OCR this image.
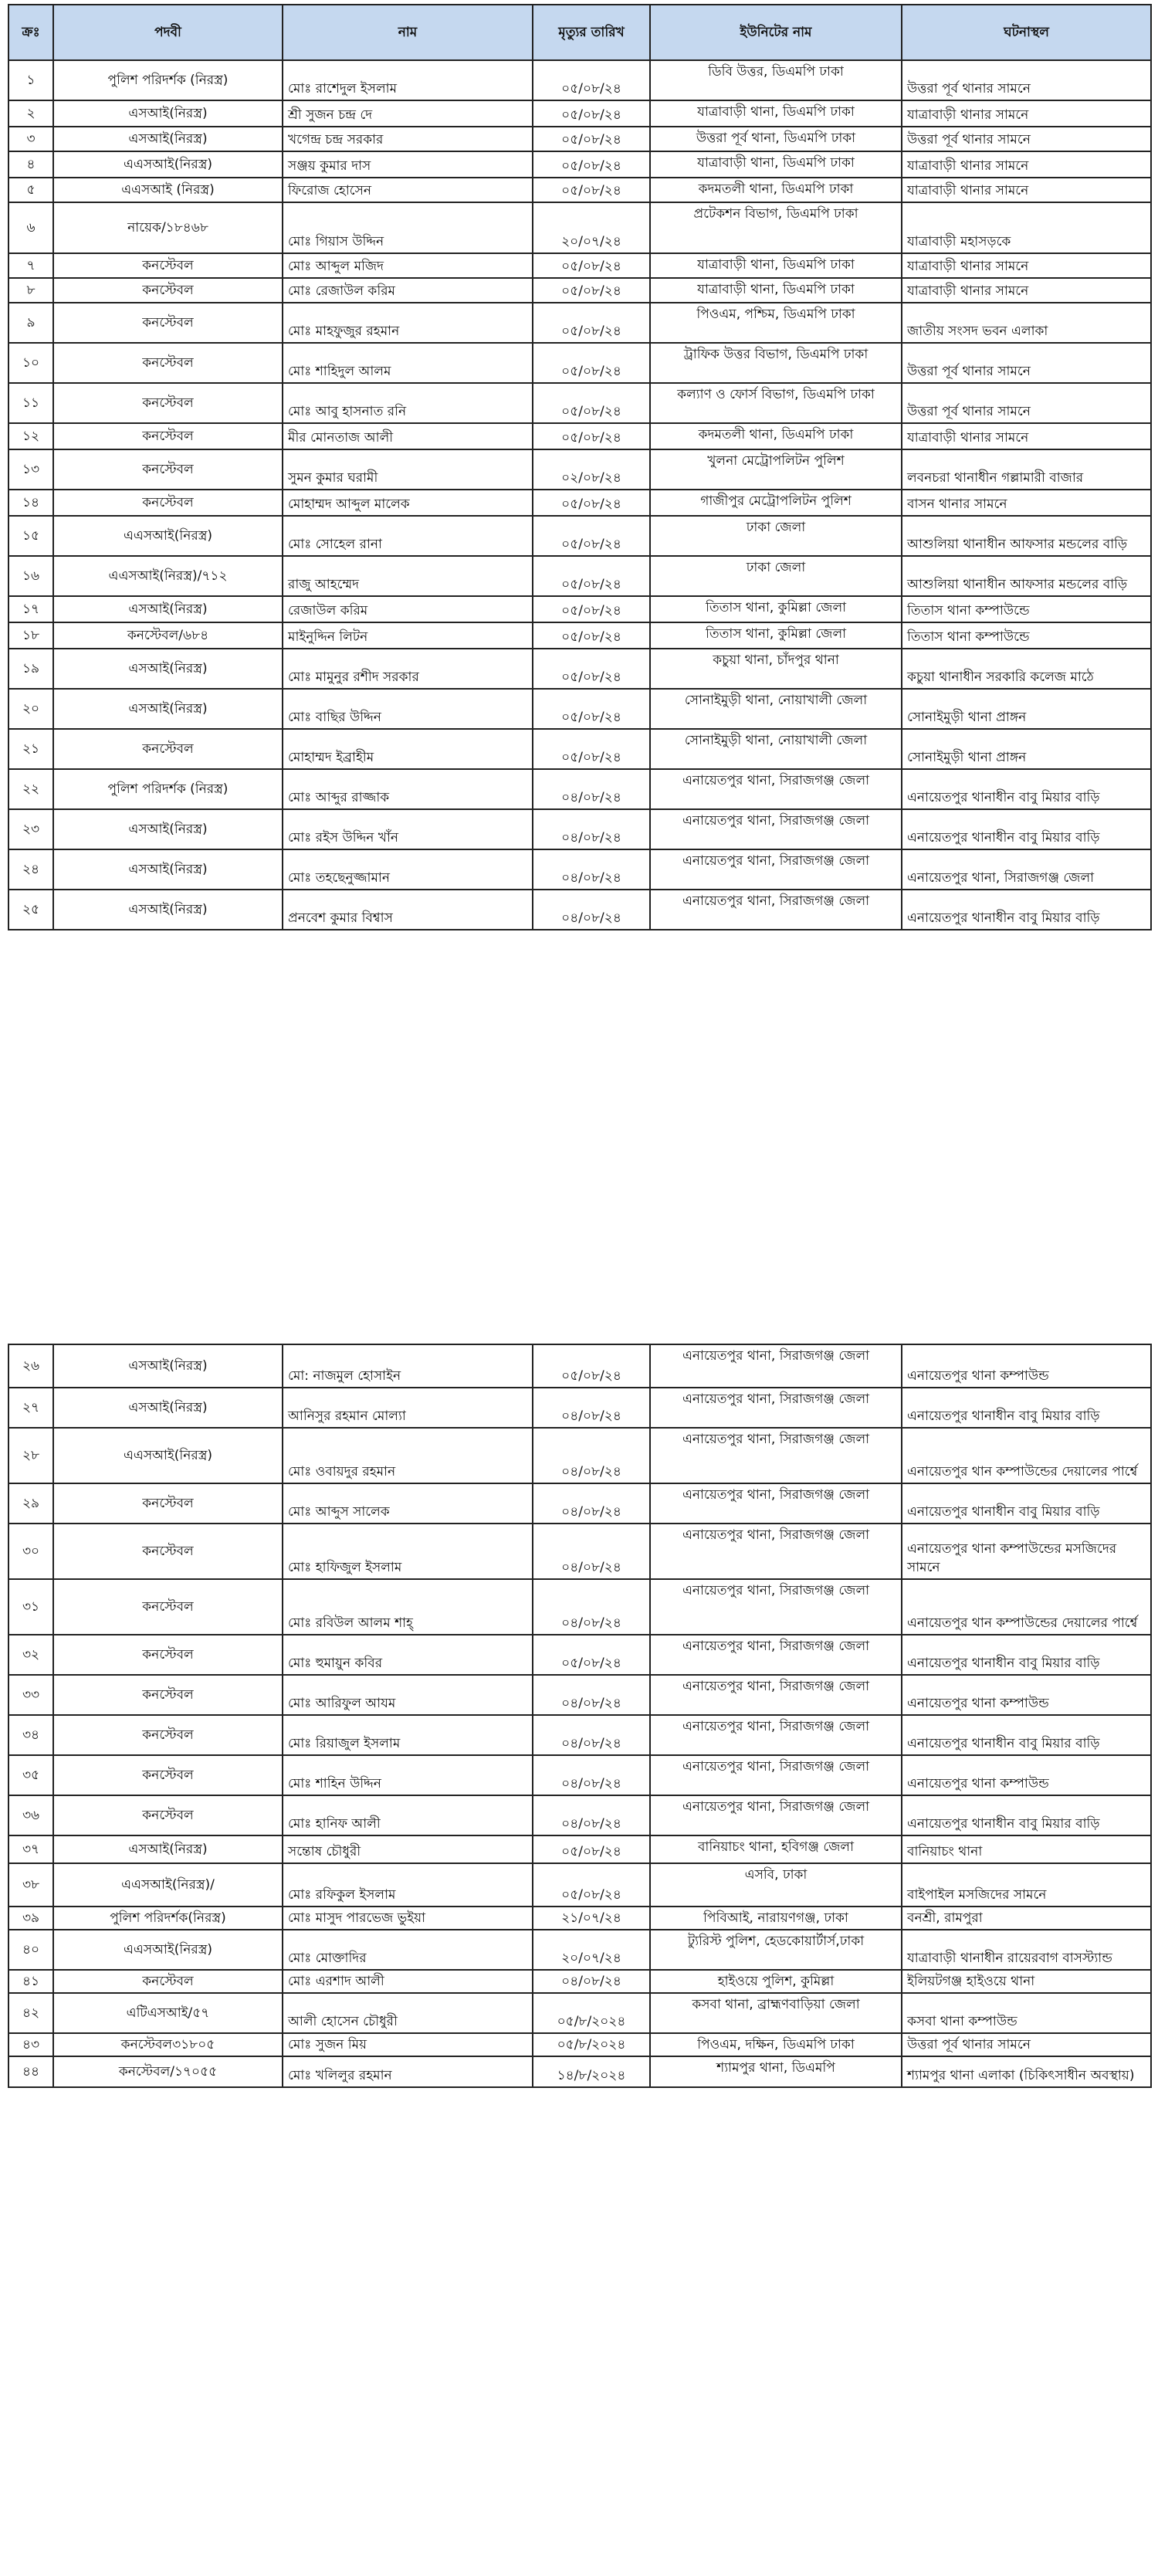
ক্রঃ	পদবী	নাম	মৃত্যুর তারিখ	ইউনিটের নাম	ঘটনাস্থল
১	পুলিশ পরিদর্শক (নিরস্ত্র)	মোঃ রাশেদুল ইসলাম	০৫/০৮/২৪	ডিবি উত্তর, ডিএমপি ঢাকা	উত্তরা পূর্ব থানার সামনে
২	এসআই(নিরস্ত্র)	শ্রী সুজন চন্দ্র দে	০৫/০৮/২৪	যাত্রাবাড়ী থানা, ডিএমপি ঢাকা	যাত্রাবাড়ী থানার সামনে
৩	এসআই(নিরস্ত্র)	খগেন্দ্র চন্দ্র সরকার	০৫/০৮/২৪	উত্তরা পূর্ব থানা, ডিএমপি ঢাকা	উত্তরা পূর্ব থানার সামনে
৪	এএসআই(নিরস্ত্র)	সঞ্জয় কুমার দাস	০৫/০৮/২৪	যাত্রাবাড়ী থানা, ডিএমপি ঢাকা	যাত্রাবাড়ী থানার সামনে
৫	এএসআই (নিরস্ত্র)	ফিরোজ হোসেন	০৫/০৮/২৪	কদমতলী থানা, ডিএমপি ঢাকা	যাত্রাবাড়ী থানার সামনে
৬	নায়েক/১৮৪৬৮	মোঃ গিয়াস উদ্দিন	২০/০৭/২৪	প্রটেকশন বিভাগ, ডিএমপি ঢাকা	যাত্রাবাড়ী মহাসড়কে
৭	কনস্টেবল	মোঃ আব্দুল মজিদ	০৫/০৮/২৪	যাত্রাবাড়ী থানা, ডিএমপি ঢাকা	যাত্রাবাড়ী থানার সামনে
৮	কনস্টেবল	মোঃ রেজাউল করিম	০৫/০৮/২৪	যাত্রাবাড়ী থানা, ডিএমপি ঢাকা	যাত্রাবাড়ী থানার সামনে
৯	কনস্টেবল	মোঃ মাহফুজুর রহমান	০৫/০৮/২৪	পিওএম, পশ্চিম, ডিএমপি ঢাকা	জাতীয় সংসদ ভবন এলাকা
১০	কনস্টেবল	মোঃ শাহিদুল আলম	০৫/০৮/২৪	ট্রাফিক উত্তর বিভাগ, ডিএমপি ঢাকা	উত্তরা পূর্ব থানার সামনে
১১	কনস্টেবল	মোঃ আবু হাসনাত রনি	০৫/০৮/২৪	কল্যাণ ও ফোর্স বিভাগ, ডিএমপি ঢাকা	উত্তরা পূর্ব থানার সামনে
১২	কনস্টেবল	মীর মোনতাজ আলী	০৫/০৮/২৪	কদমতলী থানা, ডিএমপি ঢাকা	যাত্রাবাড়ী থানার সামনে
১৩	কনস্টেবল	সুমন কুমার ঘরামী	০২/০৮/২৪	খুলনা মেট্রোপলিটন পুলিশ	লবনচরা থানাধীন গল্লামারী বাজার
১৪	কনস্টেবল	মোহাম্মদ আব্দুল মালেক	০৫/০৮/২৪	গাজীপুর মেট্রোপলিটন পুলিশ	বাসন থানার সামনে
১৫	এএসআই(নিরস্ত্র)	মোঃ সোহেল রানা	০৫/০৮/২৪	ঢাকা জেলা	আশুলিয়া থানাধীন আফসার মন্ডলের বাড়ি
১৬	এএসআই(নিরস্ত্র)/৭১২	রাজু আহম্মেদ	০৫/০৮/২৪	ঢাকা জেলা	আশুলিয়া থানাধীন আফসার মন্ডলের বাড়ি
১৭	এসআই(নিরস্ত্র)	রেজাউল করিম	০৫/০৮/২৪	তিতাস থানা, কুমিল্লা জেলা	তিতাস থানা কম্পাউন্ডে
১৮	কনস্টেবল/৬৮৪	মাইনুদ্দিন লিটন	০৫/০৮/২৪	তিতাস থানা, কুমিল্লা জেলা	তিতাস থানা কম্পাউন্ডে
১৯	এসআই(নিরস্ত্র)	মোঃ মামুনুর রশীদ সরকার	০৫/০৮/২৪	কচুয়া থানা, চাঁদপুর থানা	কচুয়া থানাধীন সরকারি কলেজ মাঠে
২০	এসআই(নিরস্ত্র)	মোঃ বাছির উদ্দিন	০৫/০৮/২৪	সোনাইমুড়ী থানা, নোয়াখালী জেলা	সোনাইমুড়ী থানা প্রাঙ্গন
২১	কনস্টেবল	মোহাম্মদ ইব্রাহীম	০৫/০৮/২৪	সোনাইমুড়ী থানা, নোয়াখালী জেলা	সোনাইমুড়ী থানা প্রাঙ্গন
২২	পুলিশ পরিদর্শক (নিরস্ত্র)	মোঃ আব্দুর রাজ্জাক	০৪/০৮/২৪	এনায়েতপুর থানা, সিরাজগঞ্জ জেলা	এনায়েতপুর থানাধীন বাবু মিয়ার বাড়ি
২৩	এসআই(নিরস্ত্র)	মোঃ রইস উদ্দিন খাঁন	০৪/০৮/২৪	এনায়েতপুর থানা, সিরাজগঞ্জ জেলা	এনায়েতপুর থানাধীন বাবু মিয়ার বাড়ি
২৪	এসআই(নিরস্ত্র)	মোঃ তহছেনুজ্জামান	০৪/০৮/২৪	এনায়েতপুর থানা, সিরাজগঞ্জ জেলা	এনায়েতপুর থানা, সিরাজগঞ্জ জেলা
২৫	এসআই(নিরস্ত্র)	প্রনবেশ কুমার বিশ্বাস	০৪/০৮/২৪	এনায়েতপুর থানা, সিরাজগঞ্জ জেলা	এনায়েতপুর থানাধীন বাবু মিয়ার বাড়ি
২৬	এসআই(নিরস্ত্র)	মো: নাজমুল হোসাইন	০৫/০৮/২৪	এনায়েতপুর থানা, সিরাজগঞ্জ জেলা	এনায়েতপুর থানা কম্পাউন্ড
২৭	এসআই(নিরস্ত্র)	আনিসুর রহমান মোল্যা	০৪/০৮/২৪	এনায়েতপুর থানা, সিরাজগঞ্জ জেলা	এনায়েতপুর থানাধীন বাবু মিয়ার বাড়ি
২৮	এএসআই(নিরস্ত্র)	মোঃ ওবায়দুর রহমান	০৪/০৮/২৪	এনায়েতপুর থানা, সিরাজগঞ্জ জেলা	এনায়েতপুর থান কম্পাউন্ডের দেয়ালের পার্শ্বে
২৯	কনস্টেবল	মোঃ আব্দুস সালেক	০৪/০৮/২৪	এনায়েতপুর থানা, সিরাজগঞ্জ জেলা	এনায়েতপুর থানাধীন বাবু মিয়ার বাড়ি
৩০	কনস্টেবল	মোঃ হাফিজুল ইসলাম	০৪/০৮/২৪	এনায়েতপুর থানা, সিরাজগঞ্জ জেলা	এনায়েতপুর থানা কম্পাউন্ডের মসজিদের সামনে
৩১	কনস্টেবল	মোঃ রবিউল আলম শাহ্	০৪/০৮/২৪	এনায়েতপুর থানা, সিরাজগঞ্জ জেলা	এনায়েতপুর থান কম্পাউন্ডের দেয়ালের পার্শ্বে
৩২	কনস্টেবল	মোঃ হুমায়ুন কবির	০৫/০৮/২৪	এনায়েতপুর থানা, সিরাজগঞ্জ জেলা	এনায়েতপুর থানাধীন বাবু মিয়ার বাড়ি
৩৩	কনস্টেবল	মোঃ আরিফুল আযম	০৪/০৮/২৪	এনায়েতপুর থানা, সিরাজগঞ্জ জেলা	এনায়েতপুর থানা কম্পাউন্ড
৩৪	কনস্টেবল	মোঃ রিয়াজুল ইসলাম	০৪/০৮/২৪	এনায়েতপুর থানা, সিরাজগঞ্জ জেলা	এনায়েতপুর থানাধীন বাবু মিয়ার বাড়ি
৩৫	কনস্টেবল	মোঃ শাহিন উদ্দিন	০৪/০৮/২৪	এনায়েতপুর থানা, সিরাজগঞ্জ জেলা	এনায়েতপুর থানা কম্পাউন্ড
৩৬	কনস্টেবল	মোঃ হানিফ আলী	০৪/০৮/২৪	এনায়েতপুর থানা, সিরাজগঞ্জ জেলা	এনায়েতপুর থানাধীন বাবু মিয়ার বাড়ি
৩৭	এসআই(নিরস্ত্র)	সন্তোষ চৌধুরী	০৫/০৮/২৪	বানিয়াচং থানা, হবিগঞ্জ জেলা	বানিয়াচং থানা
৩৮	এএসআই(নিরস্ত্র)/	মোঃ রফিকুল ইসলাম	০৫/০৮/২৪	এসবি, ঢাকা	বাইপাইল মসজিদের সামনে
৩৯	পুলিশ পরিদর্শক(নিরস্ত্র)	মোঃ মাসুদ পারভেজ ভুইয়া	২১/০৭/২৪	পিবিআই, নারায়ণগঞ্জ, ঢাকা	বনশ্রী, রামপুরা
৪০	এএসআই(নিরস্ত্র)	মোঃ মোক্তাদির	২০/০৭/২৪	ট্যুরিস্ট পুলিশ, হেডকোয়ার্টার্স,ঢাকা	যাত্রাবাড়ী থানাধীন রায়েরবাগ বাসস্ট্যান্ড
৪১	কনস্টেবল	মোঃ এরশাদ আলী	০৪/০৮/২৪	হাইওয়ে পুলিশ, কুমিল্লা	ইলিয়টগঞ্জ হাইওয়ে থানা
৪২	এটিএসআই/৫৭	আলী হোসেন চৌধুরী	০৫/৮/২০২৪	কসবা থানা, ব্রাহ্মণবাড়িয়া জেলা	কসবা থানা কম্পাউন্ড
৪৩	কনস্টেবল৩১৮০৫	মোঃ সুজন মিয়	০৫/৮/২০২৪	পিওএম, দক্ষিন, ডিএমপি ঢাকা	উত্তরা পূর্ব থানার সামনে
৪৪	কনস্টেবল/১৭০৫৫	মোঃ খলিলুর রহমান	১৪/৮/২০২৪	শ্যামপুর থানা, ডিএমপি	শ্যামপুর থানা এলাকা (চিকিৎসাধীন অবস্থায়)
